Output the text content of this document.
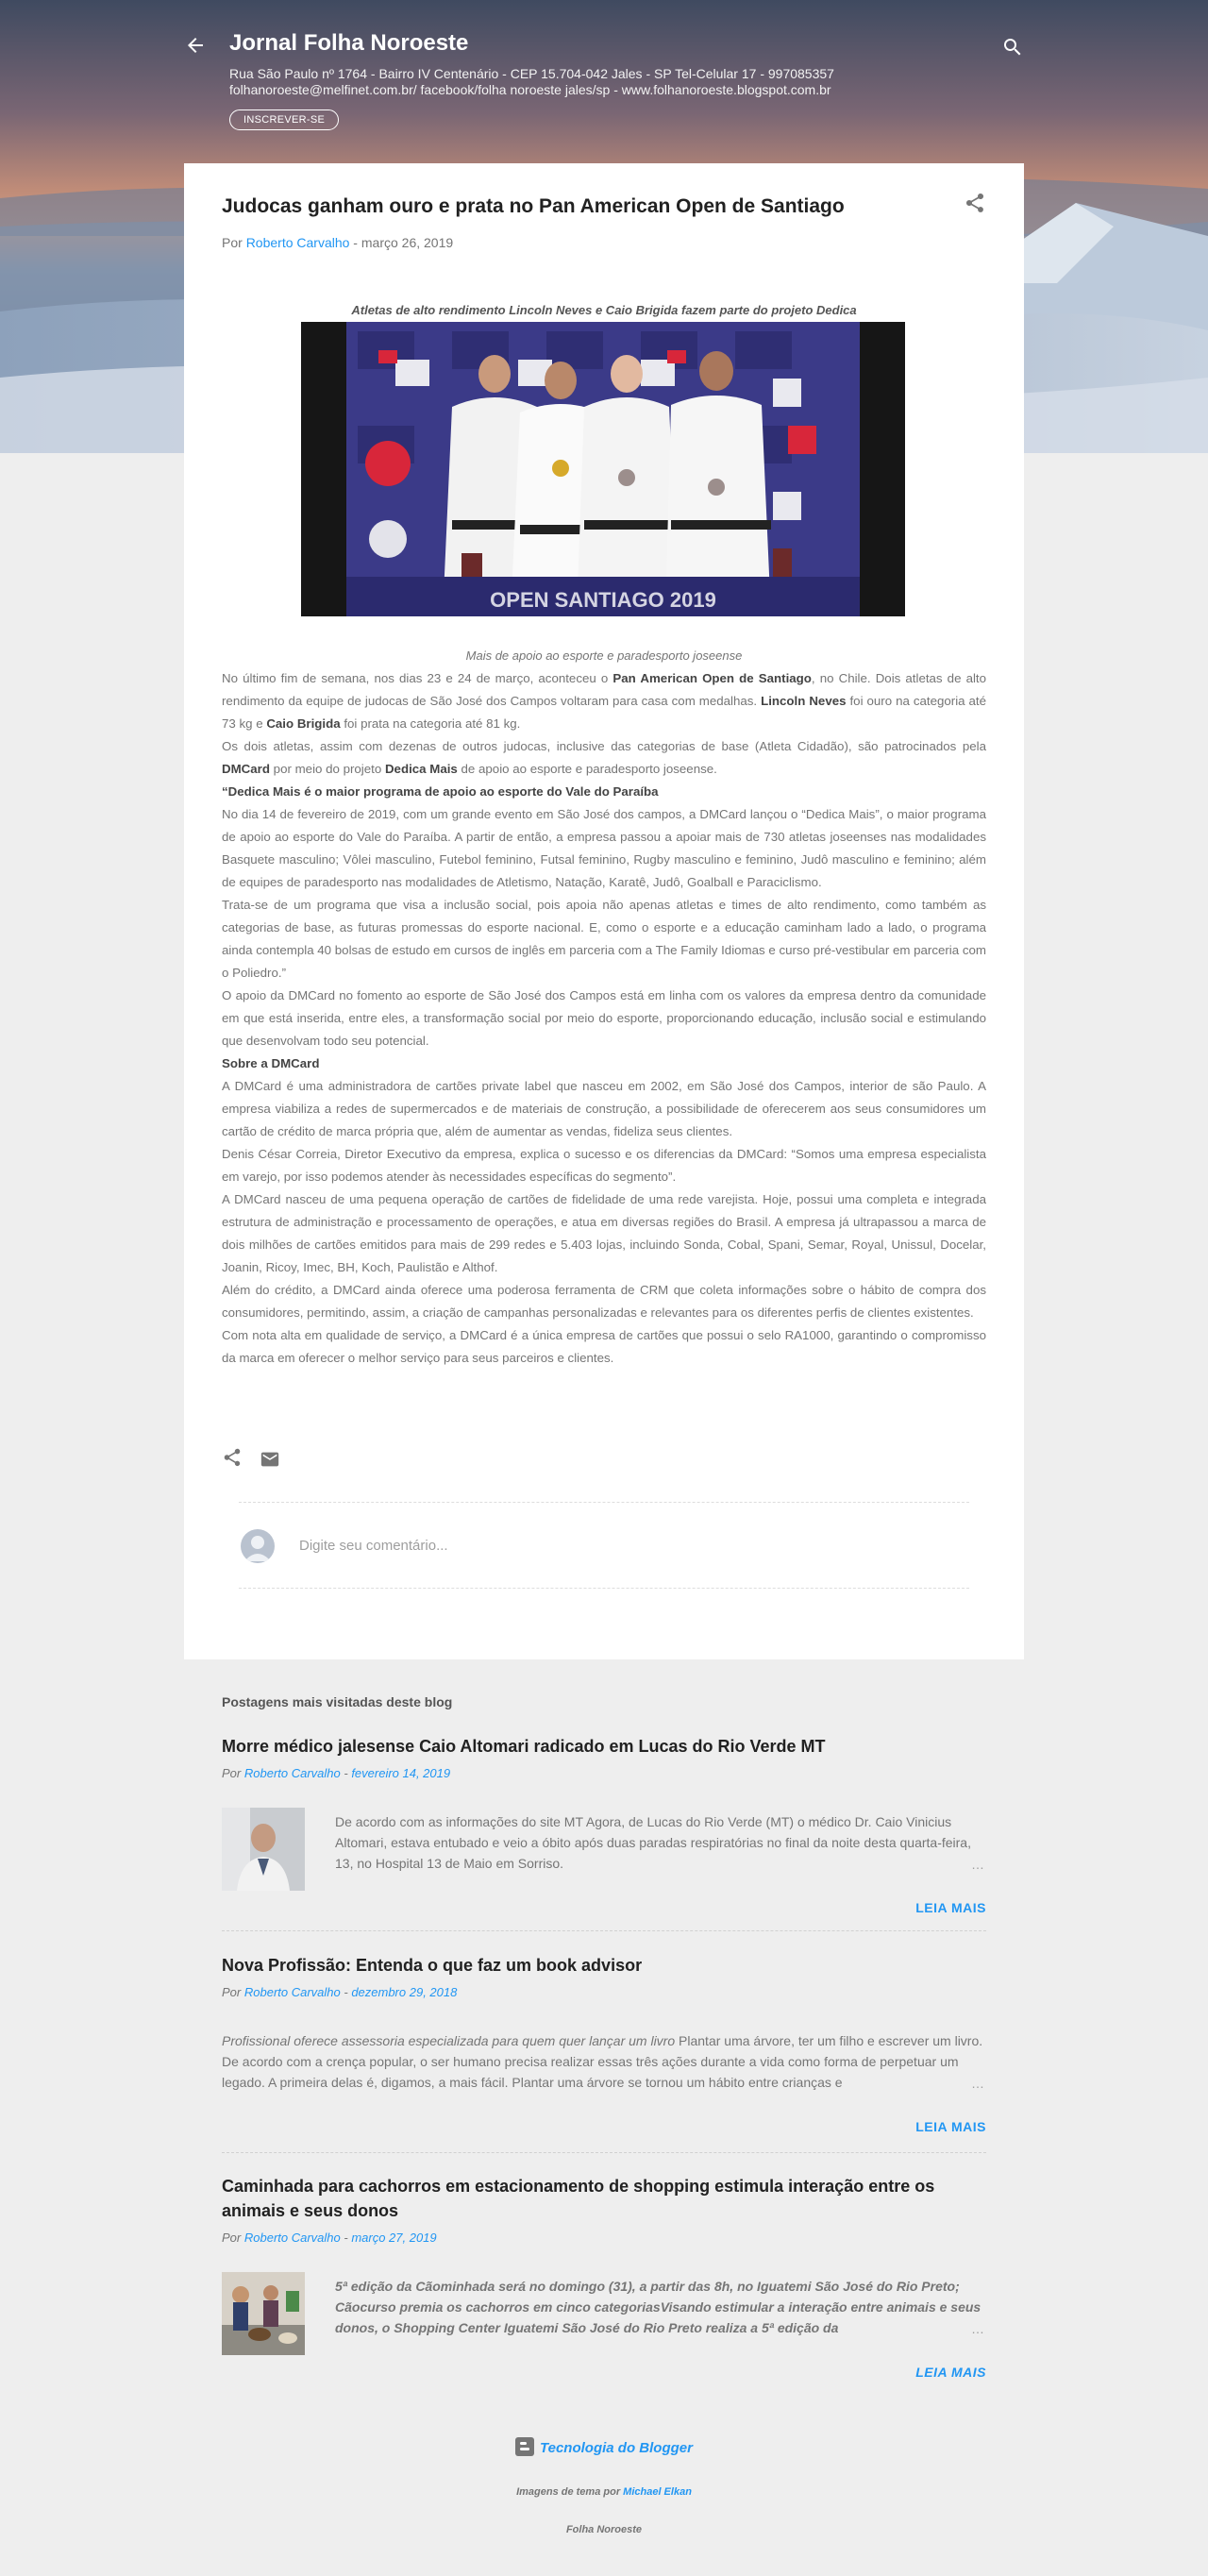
Jornal Folha Noroeste
Rua São Paulo nº 1764 - Bairro IV Centenário - CEP 15.704-042 Jales - SP Tel-Celular 17 - 997085357
folhanoroeste@melfinet.com.br/ facebook/folha noroeste jales/sp - www.folhanoroeste.blogspot.com.br
INSCREVER-SE
Judocas ganham ouro e prata no Pan American Open de Santiago
Por Roberto Carvalho - março 26, 2019
Atletas de alto rendimento Lincoln Neves e Caio Brigida fazem parte do projeto Dedica
OPEN SANTIAGO 2019
Mais de apoio ao esporte e paradesporto joseense

No último fim de semana, nos dias 23 e 24 de março, aconteceu o Pan American Open de Santiago, no Chile. Dois atletas de alto rendimento da equipe de judocas de São José dos Campos voltaram para casa com medalhas. Lincoln Neves foi ouro na categoria até 73 kg e Caio Brigida foi prata na categoria até 81 kg.

Os dois atletas, assim com dezenas de outros judocas, inclusive das categorias de base (Atleta Cidadão), são patrocinados pela DMCard por meio do projeto Dedica Mais de apoio ao esporte e paradesporto joseense.

“Dedica Mais é o maior programa de apoio ao esporte do Vale do Paraíba

No dia 14 de fevereiro de 2019, com um grande evento em São José dos campos, a DMCard lançou o “Dedica Mais”, o maior programa de apoio ao esporte do Vale do Paraíba. A partir de então, a empresa passou a apoiar mais de 730 atletas joseenses nas modalidades Basquete masculino; Vôlei masculino, Futebol feminino, Futsal feminino, Rugby masculino e feminino, Judô masculino e feminino; além de equipes de paradesporto nas modalidades de Atletismo, Natação, Karatê, Judô, Goalball e Paraciclismo.

Trata-se de um programa que visa a inclusão social, pois apoia não apenas atletas e times de alto rendimento, como também as categorias de base, as futuras promessas do esporte nacional. E, como o esporte e a educação caminham lado a lado, o programa ainda contempla 40 bolsas de estudo em cursos de inglês em parceria com a The Family Idiomas e curso pré-vestibular em parceria com o Poliedro.”

O apoio da DMCard no fomento ao esporte de São José dos Campos está em linha com os valores da empresa dentro da comunidade em que está inserida, entre eles, a transformação social por meio do esporte, proporcionando educação, inclusão social e estimulando que desenvolvam todo seu potencial.

Sobre a DMCard

A DMCard é uma administradora de cartões private label que nasceu em 2002, em São José dos Campos, interior de são Paulo. A empresa viabiliza a redes de supermercados e de materiais de construção, a possibilidade de oferecerem aos seus consumidores um cartão de crédito de marca própria que, além de aumentar as vendas, fideliza seus clientes.

Denis César Correia, Diretor Executivo da empresa, explica o sucesso e os diferencias da DMCard: “Somos uma empresa especialista em varejo, por isso podemos atender às necessidades específicas do segmento”.

A DMCard nasceu de uma pequena operação de cartões de fidelidade de uma rede varejista. Hoje, possui uma completa e integrada estrutura de administração e processamento de operações, e atua em diversas regiões do Brasil. A empresa já ultrapassou a marca de dois milhões de cartões emitidos para mais de 299 redes e 5.403 lojas, incluindo Sonda, Cobal, Spani, Semar, Royal, Unissul, Docelar, Joanin, Ricoy, Imec, BH, Koch, Paulistão e Althof.

Além do crédito, a DMCard ainda oferece uma poderosa ferramenta de CRM que coleta informações sobre o hábito de compra dos consumidores, permitindo, assim, a criação de campanhas personalizadas e relevantes para os diferentes perfis de clientes existentes.

Com nota alta em qualidade de serviço, a DMCard é a única empresa de cartões que possui o selo RA1000, garantindo o compromisso da marca em oferecer o melhor serviço para seus parceiros e clientes.

Digite seu comentário...
Postagens mais visitadas deste blog
Morre médico jalesense Caio Altomari radicado em Lucas do Rio Verde MT
Por Roberto Carvalho - fevereiro 14, 2019
De acordo com as informações do site MT Agora, de Lucas do Rio Verde (MT) o médico Dr. Caio Vinicius Altomari, estava entubado e veio a óbito após duas paradas respiratórias no final da noite desta quarta-feira, 13, no Hospital 13 de Maio em Sorriso.	…
LEIA MAIS
Nova Profissão: Entenda o que faz um book advisor
Por Roberto Carvalho - dezembro 29, 2018
Profissional oferece assessoria especializada para quem quer lançar um livro Plantar uma árvore, ter um filho e escrever um livro. De acordo com a crença popular, o ser humano precisa realizar essas três ações durante a vida como forma de perpetuar um legado. A primeira delas é, digamos, a mais fácil. Plantar uma árvore se tornou um hábito entre crianças e	…
LEIA MAIS
Caminhada para cachorros em estacionamento de shopping estimula interação entre os animais e seus donos
Por Roberto Carvalho - março 27, 2019
5ª edição da Cãominhada será no domingo (31), a partir das 8h, no Iguatemi São José do Rio Preto; Cãocurso premia os cachorros em cinco categoriasVisando estimular a interação entre animais e seus donos, o Shopping Center Iguatemi São José do Rio Preto realiza a 5ª edição da	…
LEIA MAIS
Tecnologia do Blogger
Imagens de tema por Michael Elkan
Folha Noroeste
